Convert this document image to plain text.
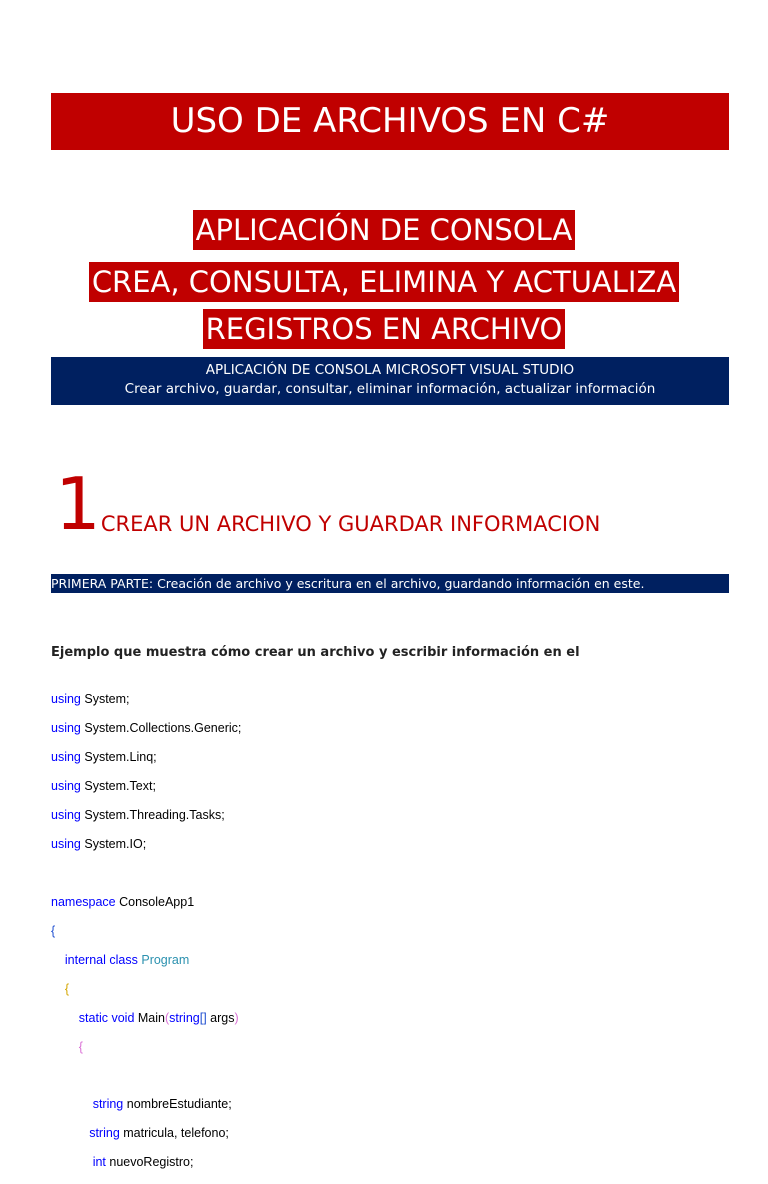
USO DE ARCHIVOS EN C#
APLICACIÓN DE CONSOLA
CREA, CONSULTA, ELIMINA Y ACTUALIZA
REGISTROS EN ARCHIVO
APLICACIÓN DE CONSOLA MICROSOFT VISUAL STUDIO
Crear archivo, guardar, consultar, eliminar información, actualizar información
1CREAR UN ARCHIVO Y GUARDAR INFORMACION
PRIMERA PARTE: Creación de archivo y escritura en el archivo, guardando información en este.
Ejemplo que muestra cómo crear un archivo y escribir información en el

using System;

using System.Collections.Generic;

using System.Linq;

using System.Text;

using System.Threading.Tasks;

using System.IO;

namespace ConsoleApp1

{

internal class Program

{

static void Main(string[] args)

{

string nombreEstudiante;

string matricula, telefono;

int nuevoRegistro;
